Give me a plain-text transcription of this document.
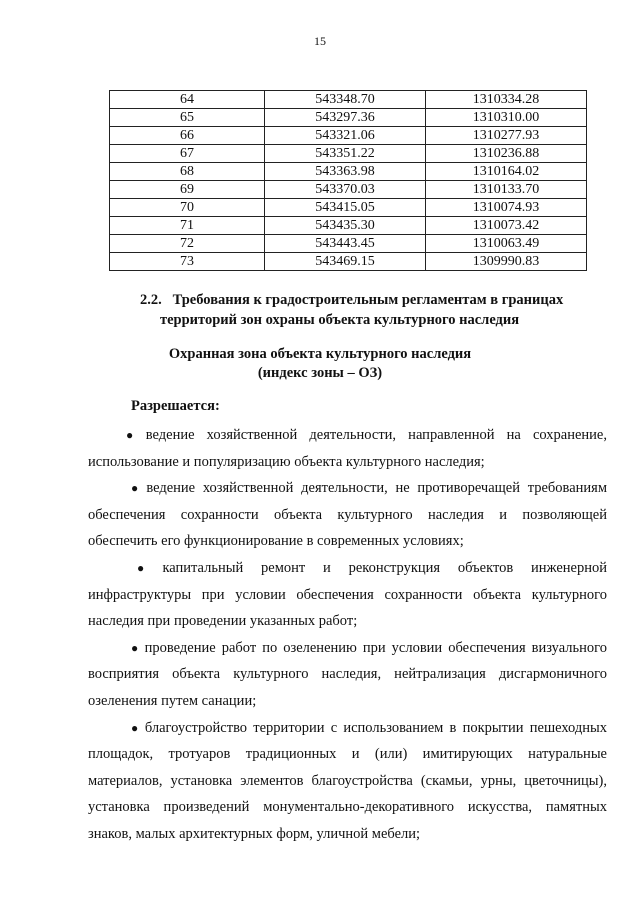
15
64	543348.70	1310334.28
65	543297.36	1310310.00
66	543321.06	1310277.93
67	543351.22	1310236.88
68	543363.98	1310164.02
69	543370.03	1310133.70
70	543415.05	1310074.93
71	543435.30	1310073.42
72	543443.45	1310063.49
73	543469.15	1309990.83
2.2. Требования к градостроительным регламентам в границах
территорий зон охраны объекта культурного наследия
Охранная зона объекта культурного наследия
(индекс зоны – ОЗ)
Разрешается:
● ведение хозяйственной деятельности, направленной на сохранение,
использование и популяризацию объекта культурного наследия;
● ведение хозяйственной деятельности, не противоречащей требованиям
обеспечения сохранности объекта культурного наследия и позволяющей
обеспечить его функционирование в современных условиях;
● капитальный ремонт и реконструкция объектов инженерной
инфраструктуры при условии обеспечения сохранности объекта культурного
наследия при проведении указанных работ;
● проведение работ по озеленению при условии обеспечения визуального
восприятия объекта культурного наследия, нейтрализация дисгармоничного
озеленения путем санации;
● благоустройство территории с использованием в покрытии пешеходных
площадок, тротуаров традиционных и (или) имитирующих натуральные
материалов, установка элементов благоустройства (скамьи, урны, цветочницы),
установка произведений монументально-декоративного искусства, памятных
знаков, малых архитектурных форм, уличной мебели;
